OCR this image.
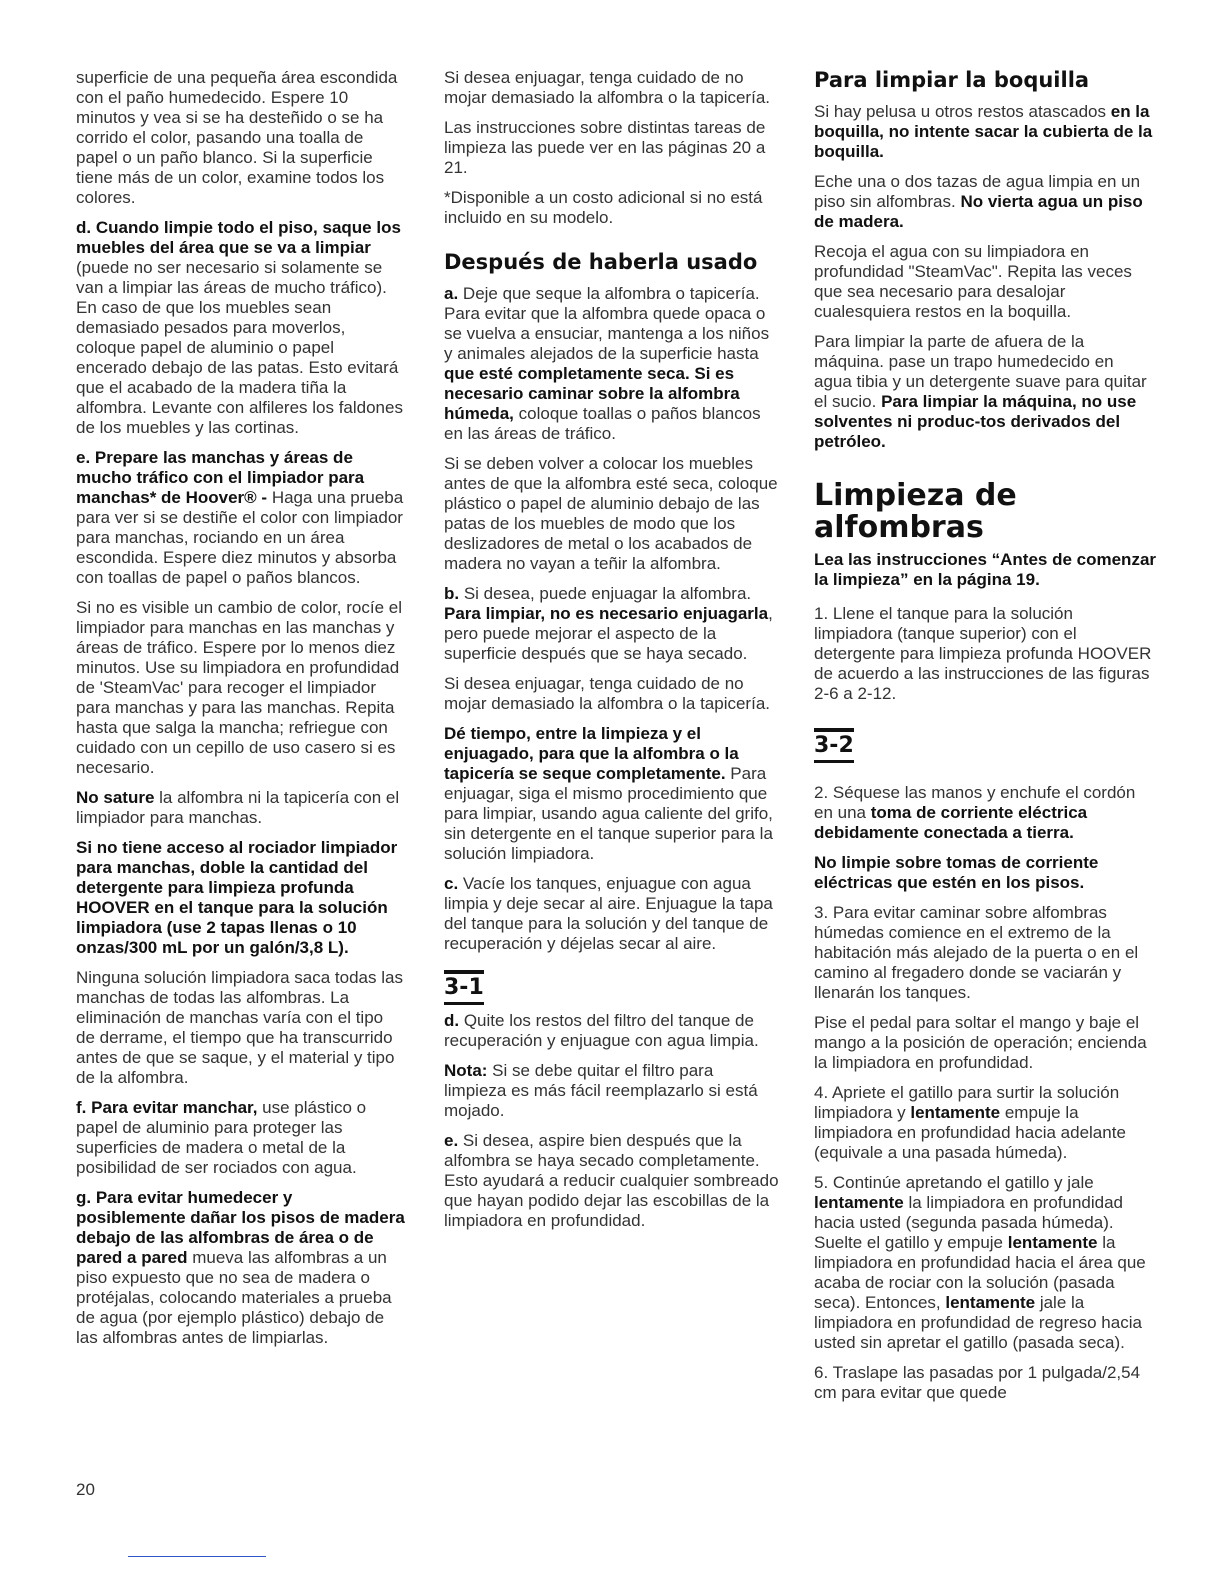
superficie de una pequeña área escondida con el paño humedecido. Espere 10 minutos y vea si se ha desteñido o se ha corrido el color, pasando una toalla de papel o un paño blanco. Si la superficie tiene más de un color, examine todos los colores.

d. Cuando limpie todo el piso, saque los muebles del área que se va a limpiar (puede no ser necesario si solamente se van a limpiar las áreas de mucho tráfico). En caso de que los muebles sean demasiado pesados para moverlos, coloque papel de aluminio o papel encerado debajo de las patas. Esto evitará que el acabado de la madera tiña la alfombra. Levante con alfileres los faldones de los muebles y las cortinas.

e. Prepare las manchas y áreas de mucho tráfico con el limpiador para manchas* de Hoover® - Haga una prueba para ver si se destiñe el color con limpiador para manchas, rociando en un área escondida. Espere diez minutos y absorba con toallas de papel o paños blancos.

Si no es visible un cambio de color, rocíe el limpiador para manchas en las manchas y áreas de tráfico. Espere por lo menos diez minutos. Use su limpiadora en profundidad de 'SteamVac' para recoger el limpiador para manchas y para las manchas. Repita hasta que salga la mancha; refriegue con cuidado con un cepillo de uso casero si es necesario.

No sature la alfombra ni la tapicería con el limpiador para manchas.

Si no tiene acceso al rociador limpiador para manchas, doble la cantidad del detergente para limpieza profunda HOOVER en el tanque para la solución limpiadora (use 2 tapas llenas o 10 onzas/300 mL por un galón/3,8 L).

Ninguna solución limpiadora saca todas las manchas de todas las alfombras. La eliminación de manchas varía con el tipo de derrame, el tiempo que ha transcurrido antes de que se saque, y el material y tipo de la alfombra.

f. Para evitar manchar, use plástico o papel de aluminio para proteger las superficies de madera o metal de la posibilidad de ser rociados con agua.

g. Para evitar humedecer y posiblemente dañar los pisos de madera debajo de las alfombras de área o de pared a pared mueva las alfombras a un piso expuesto que no sea de madera o protéjalas, colocando materiales a prueba de agua (por ejemplo plástico) debajo de las alfombras antes de limpiarlas.

Si desea enjuagar, tenga cuidado de no mojar demasiado la alfombra o la tapicería.

Las instrucciones sobre distintas tareas de limpieza las puede ver en las páginas 20 a 21.

*Disponible a un costo adicional si no está incluido en su modelo.

Después de haberla usado

a. Deje que seque la alfombra o tapicería. Para evitar que la alfombra quede opaca o se vuelva a ensuciar, mantenga a los niños y animales alejados de la superficie hasta que esté completamente seca. Si es necesario caminar sobre la alfombra húmeda, coloque toallas o paños blancos en las áreas de tráfico.

Si se deben volver a colocar los muebles antes de que la alfombra esté seca, coloque plástico o papel de aluminio debajo de las patas de los muebles de modo que los deslizadores de metal o los acabados de madera no vayan a teñir la alfombra.

b. Si desea, puede enjuagar la alfombra. Para limpiar, no es necesario enjuagarla, pero puede mejorar el aspecto de la superficie después que se haya secado.

Si desea enjuagar, tenga cuidado de no mojar demasiado la alfombra o la tapicería.

Dé tiempo, entre la limpieza y el enjuagado, para que la alfombra o la tapicería se seque completamente. Para enjuagar, siga el mismo procedimiento que para limpiar, usando agua caliente del grifo, sin detergente en el tanque superior para la solución limpiadora.

c. Vacíe los tanques, enjuague con agua limpia y deje secar al aire. Enjuague la tapa del tanque para la solución y del tanque de recuperación y déjelas secar al aire.

3-1

d. Quite los restos del filtro del tanque de recuperación y enjuague con agua limpia.

Nota: Si se debe quitar el filtro para limpieza es más fácil reemplazarlo si está mojado.

e. Si desea, aspire bien después que la alfombra se haya secado completamente. Esto ayudará a reducir cualquier sombreado que hayan podido dejar las escobillas de la limpiadora en profundidad.

Para limpiar la boquilla

Si hay pelusa u otros restos atascados en la boquilla, no intente sacar la cubierta de la boquilla.

Eche una o dos tazas de agua limpia en un piso sin alfombras. No vierta agua un piso de madera.

Recoja el agua con su limpiadora en profundidad "SteamVac". Repita las veces que sea necesario para desalojar cualesquiera restos en la boquilla.

Para limpiar la parte de afuera de la máquina. pase un trapo humedecido en agua tibia y un detergente suave para quitar el sucio. Para limpiar la máquina, no use solventes ni produc-tos derivados del petróleo.

Limpieza de alfombras

Lea las instrucciones “Antes de comenzar la limpieza” en la página 19.

1. Llene el tanque para la solución limpiadora (tanque superior) con el detergente para limpieza profunda HOOVER de acuerdo a las instrucciones de las figuras 2-6 a 2-12.

3-2

2. Séquese las manos y enchufe el cordón en una toma de corriente eléctrica debidamente conectada a tierra.

No limpie sobre tomas de corriente eléctricas que estén en los pisos.

3. Para evitar caminar sobre alfombras húmedas comience en el extremo de la habitación más alejado de la puerta o en el camino al fregadero donde se vaciarán y llenarán los tanques.

Pise el pedal para soltar el mango y baje el mango a la posición de operación; encienda la limpiadora en profundidad.

4. Apriete el gatillo para surtir la solución limpiadora y lentamente empuje la limpiadora en profundidad hacia adelante (equivale a una pasada húmeda).

5. Continúe apretando el gatillo y jale lentamente la limpiadora en profundidad hacia usted (segunda pasada húmeda). Suelte el gatillo y empuje lentamente la limpiadora en profundidad hacia el área que acaba de rociar con la solución (pasada seca). Entonces, lentamente jale la limpiadora en profundidad de regreso hacia usted sin apretar el gatillo (pasada seca).

6. Traslape las pasadas por 1 pulgada/2,54 cm para evitar que quede

20
